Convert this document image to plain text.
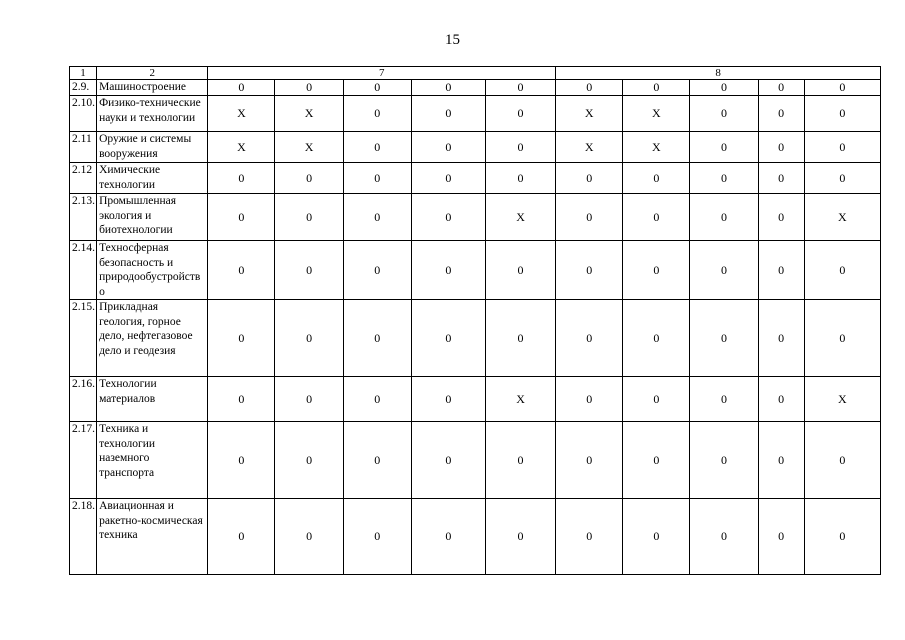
15
1	2	7					8				
2.9.	Машиностроение	0	0	0	0	0	0	0	0	0	0
2.10.	Физико-технические науки и технологии	X	X	0	0	0	X	X	0	0	0
2.11	Оружие и системы вооружения	X	X	0	0	0	X	X	0	0	0
2.12	Химические технологии	0	0	0	0	0	0	0	0	0	0
2.13.	Промышленная экология и биотехнологии	0	0	0	0	X	0	0	0	0	X
2.14.	Техносферная безопасность и природообустройство	0	0	0	0	0	0	0	0	0	0
2.15.	Прикладная геология, горное дело, нефтегазовое дело и геодезия	0	0	0	0	0	0	0	0	0	0
2.16.	Технологии материалов	0	0	0	0	X	0	0	0	0	X
2.17.	Техника и технологии наземного транспорта	0	0	0	0	0	0	0	0	0	0
2.18.	Авиационная и ракетно-космическая техника	0	0	0	0	0	0	0	0	0	0
